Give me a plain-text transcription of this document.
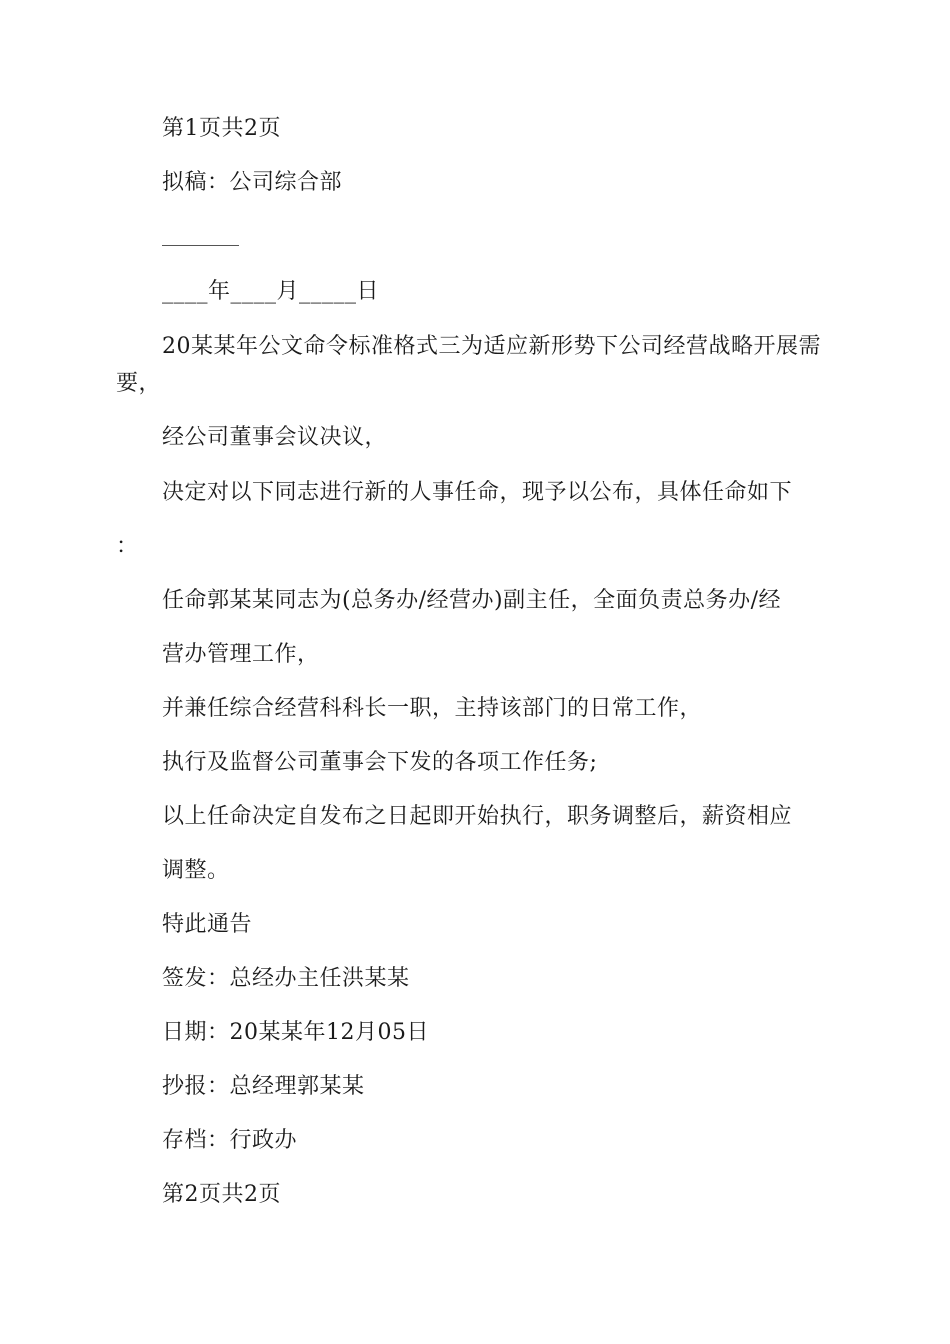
第1页共2页
拟稿：公司综合部
____年____月_____日
20某某年公文命令标准格式三为适应新形势下公司经营战略开展需
要，
经公司董事会议决议，
决定对以下同志进行新的人事任命，现予以公布，具体任命如下
：
任命郭某某同志为(总务办/经营办)副主任，全面负责总务办/经
营办管理工作，
并兼任综合经营科科长一职，主持该部门的日常工作，
执行及监督公司董事会下发的各项工作任务;
以上任命决定自发布之日起即开始执行，职务调整后，薪资相应
调整。
特此通告
签发：总经办主任洪某某
日期：20某某年12月05日
抄报：总经理郭某某
存档：行政办
第2页共2页
